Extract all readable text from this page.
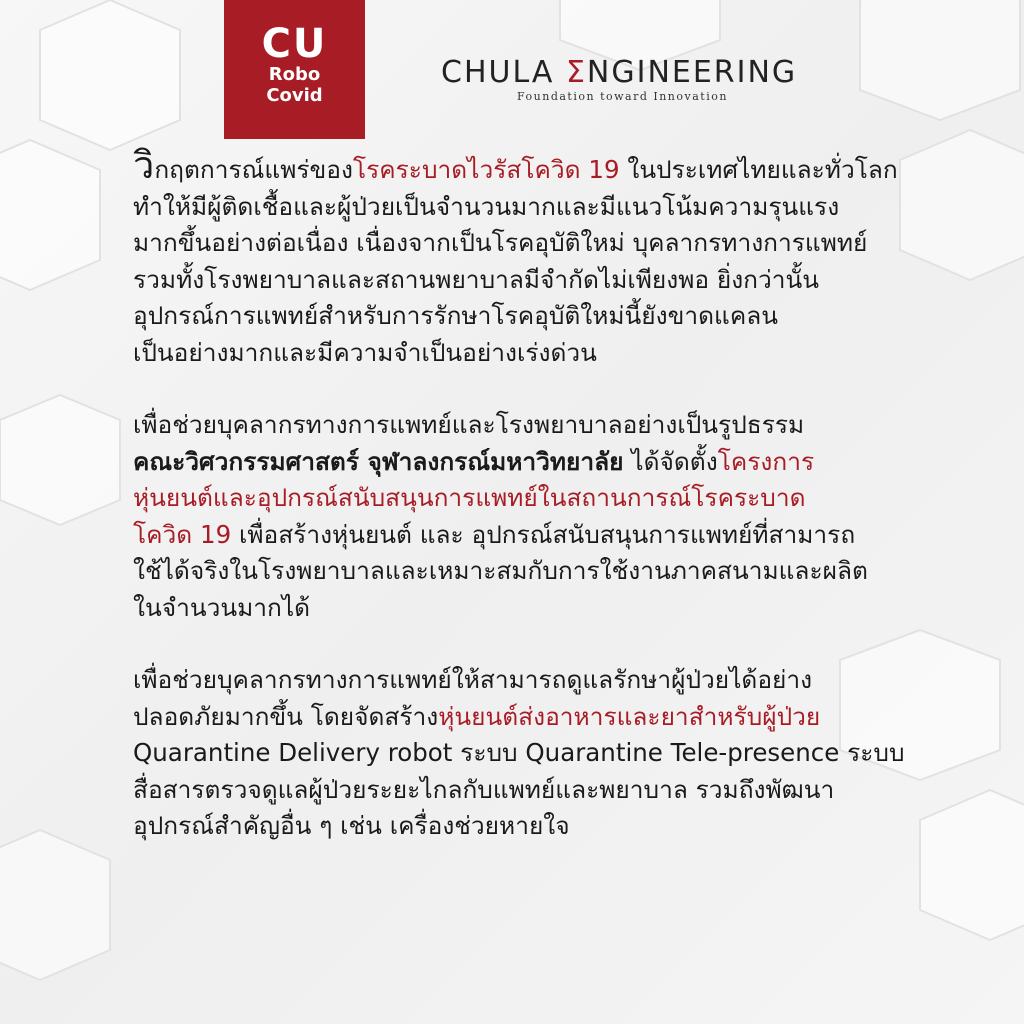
CU
Robo
Covid
CHULA ƩNGINEERING
Foundation toward Innovation
วิกฤตการณ์แพร่ของโรคระบาดไวรัสโควิด 19 ในประเทศไทยและทั่วโลก
ทำให้มีผู้ติดเชื้อและผู้ป่วยเป็นจำนวนมากและมีแนวโน้มความรุนแรง
มากขึ้นอย่างต่อเนื่อง เนื่องจากเป็นโรคอุบัติใหม่ บุคลากรทางการแพทย์
รวมทั้งโรงพยาบาลและสถานพยาบาลมีจำกัดไม่เพียงพอ ยิ่งกว่านั้น
อุปกรณ์การแพทย์สำหรับการรักษาโรคอุบัติใหม่นี้ยังขาดแคลน
เป็นอย่างมากและมีความจำเป็นอย่างเร่งด่วน
เพื่อช่วยบุคลากรทางการแพทย์และโรงพยาบาลอย่างเป็นรูปธรรม
คณะวิศวกรรมศาสตร์ จุฬาลงกรณ์มหาวิทยาลัย ได้จัดตั้งโครงการ
หุ่นยนต์และอุปกรณ์สนับสนุนการแพทย์ในสถานการณ์โรคระบาด
โควิด 19 เพื่อสร้างหุ่นยนต์ และ อุปกรณ์สนับสนุนการแพทย์ที่สามารถ
ใช้ได้จริงในโรงพยาบาลและเหมาะสมกับการใช้งานภาคสนามและผลิต
ในจำนวนมากได้
เพื่อช่วยบุคลากรทางการแพทย์ให้สามารถดูแลรักษาผู้ป่วยได้อย่าง
ปลอดภัยมากขึ้น โดยจัดสร้างหุ่นยนต์ส่งอาหารและยาสำหรับผู้ป่วย
Quarantine Delivery robot ระบบ Quarantine Tele-presence ระบบ
สื่อสารตรวจดูแลผู้ป่วยระยะไกลกับแพทย์และพยาบาล รวมถึงพัฒนา
อุปกรณ์สำคัญอื่น ๆ เช่น เครื่องช่วยหายใจ
